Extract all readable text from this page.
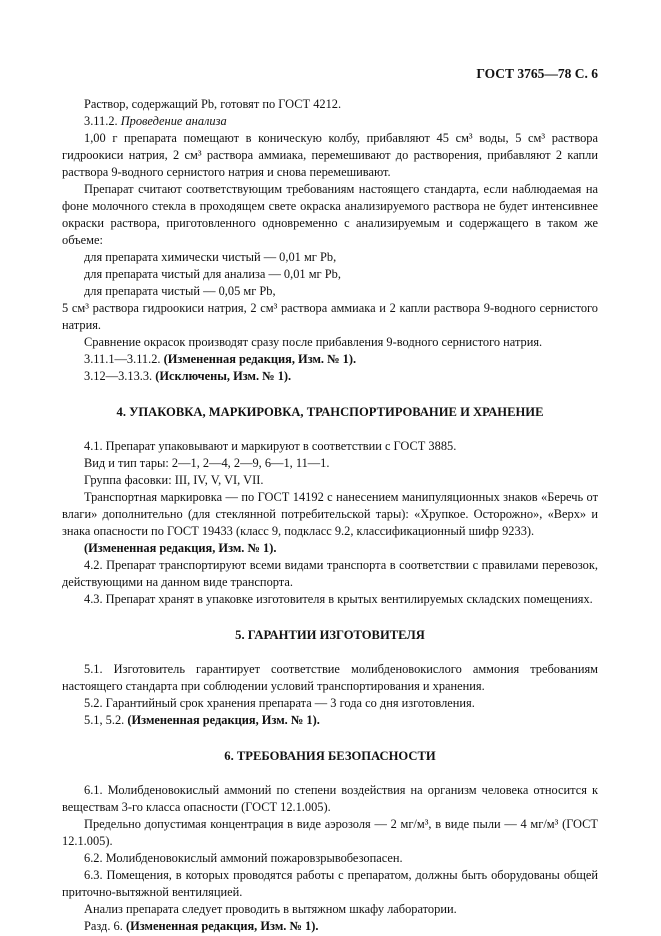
ГОСТ 3765—78 С. 6

Раствор, содержащий Pb, готовят по ГОСТ 4212.

3.11.2. Проведение анализа

1,00 г препарата помещают в коническую колбу, прибавляют 45 см³ воды, 5 см³ раствора гидроокиси натрия, 2 см³ раствора аммиака, перемешивают до растворения, прибавляют 2 капли раствора 9-водного сернистого натрия и снова перемешивают.

Препарат считают соответствующим требованиям настоящего стандарта, если наблюдаемая на фоне молочного стекла в проходящем свете окраска анализируемого раствора не будет интенсивнее окраски раствора, приготовленного одновременно с анализируемым и содержащего в таком же объеме:

для препарата химически чистый — 0,01 мг Pb,

для препарата чистый для анализа — 0,01 мг Pb,

для препарата чистый — 0,05 мг Pb,

5 см³ раствора гидроокиси натрия, 2 см³ раствора аммиака и 2 капли раствора 9-водного сернистого натрия.

Сравнение окрасок производят сразу после прибавления 9-водного сернистого натрия.

3.11.1—3.11.2. (Измененная редакция, Изм. № 1).

3.12—3.13.3. (Исключены, Изм. № 1).

4. УПАКОВКА, МАРКИРОВКА, ТРАНСПОРТИРОВАНИЕ И ХРАНЕНИЕ

4.1. Препарат упаковывают и маркируют в соответствии с ГОСТ 3885.

Вид и тип тары: 2—1, 2—4, 2—9, 6—1, 11—1.

Группа фасовки: III, IV, V, VI, VII.

Транспортная маркировка — по ГОСТ 14192 с нанесением манипуляционных знаков «Беречь от влаги» дополнительно (для стеклянной потребительской тары): «Хрупкое. Осторожно», «Верх» и знака опасности по ГОСТ 19433 (класс 9, подкласс 9.2, классификационный шифр 9233).

(Измененная редакция, Изм. № 1).

4.2. Препарат транспортируют всеми видами транспорта в соответствии с правилами перевозок, действующими на данном виде транспорта.

4.3. Препарат хранят в упаковке изготовителя в крытых вентилируемых складских помещениях.

5. ГАРАНТИИ ИЗГОТОВИТЕЛЯ

5.1. Изготовитель гарантирует соответствие молибденовокислого аммония требованиям настоящего стандарта при соблюдении условий транспортирования и хранения.

5.2. Гарантийный срок хранения препарата — 3 года со дня изготовления.

5.1, 5.2. (Измененная редакция, Изм. № 1).

6. ТРЕБОВАНИЯ БЕЗОПАСНОСТИ

6.1. Молибденовокислый аммоний по степени воздействия на организм человека относится к веществам 3-го класса опасности (ГОСТ 12.1.005).

Предельно допустимая концентрация в виде аэрозоля — 2 мг/м³, в виде пыли — 4 мг/м³ (ГОСТ 12.1.005).

6.2. Молибденовокислый аммоний пожаровзрывобезопасен.

6.3. Помещения, в которых проводятся работы с препаратом, должны быть оборудованы общей приточно-вытяжной вентиляцией.

Анализ препарата следует проводить в вытяжном шкафу лаборатории.

Разд. 6. (Измененная редакция, Изм. № 1).
